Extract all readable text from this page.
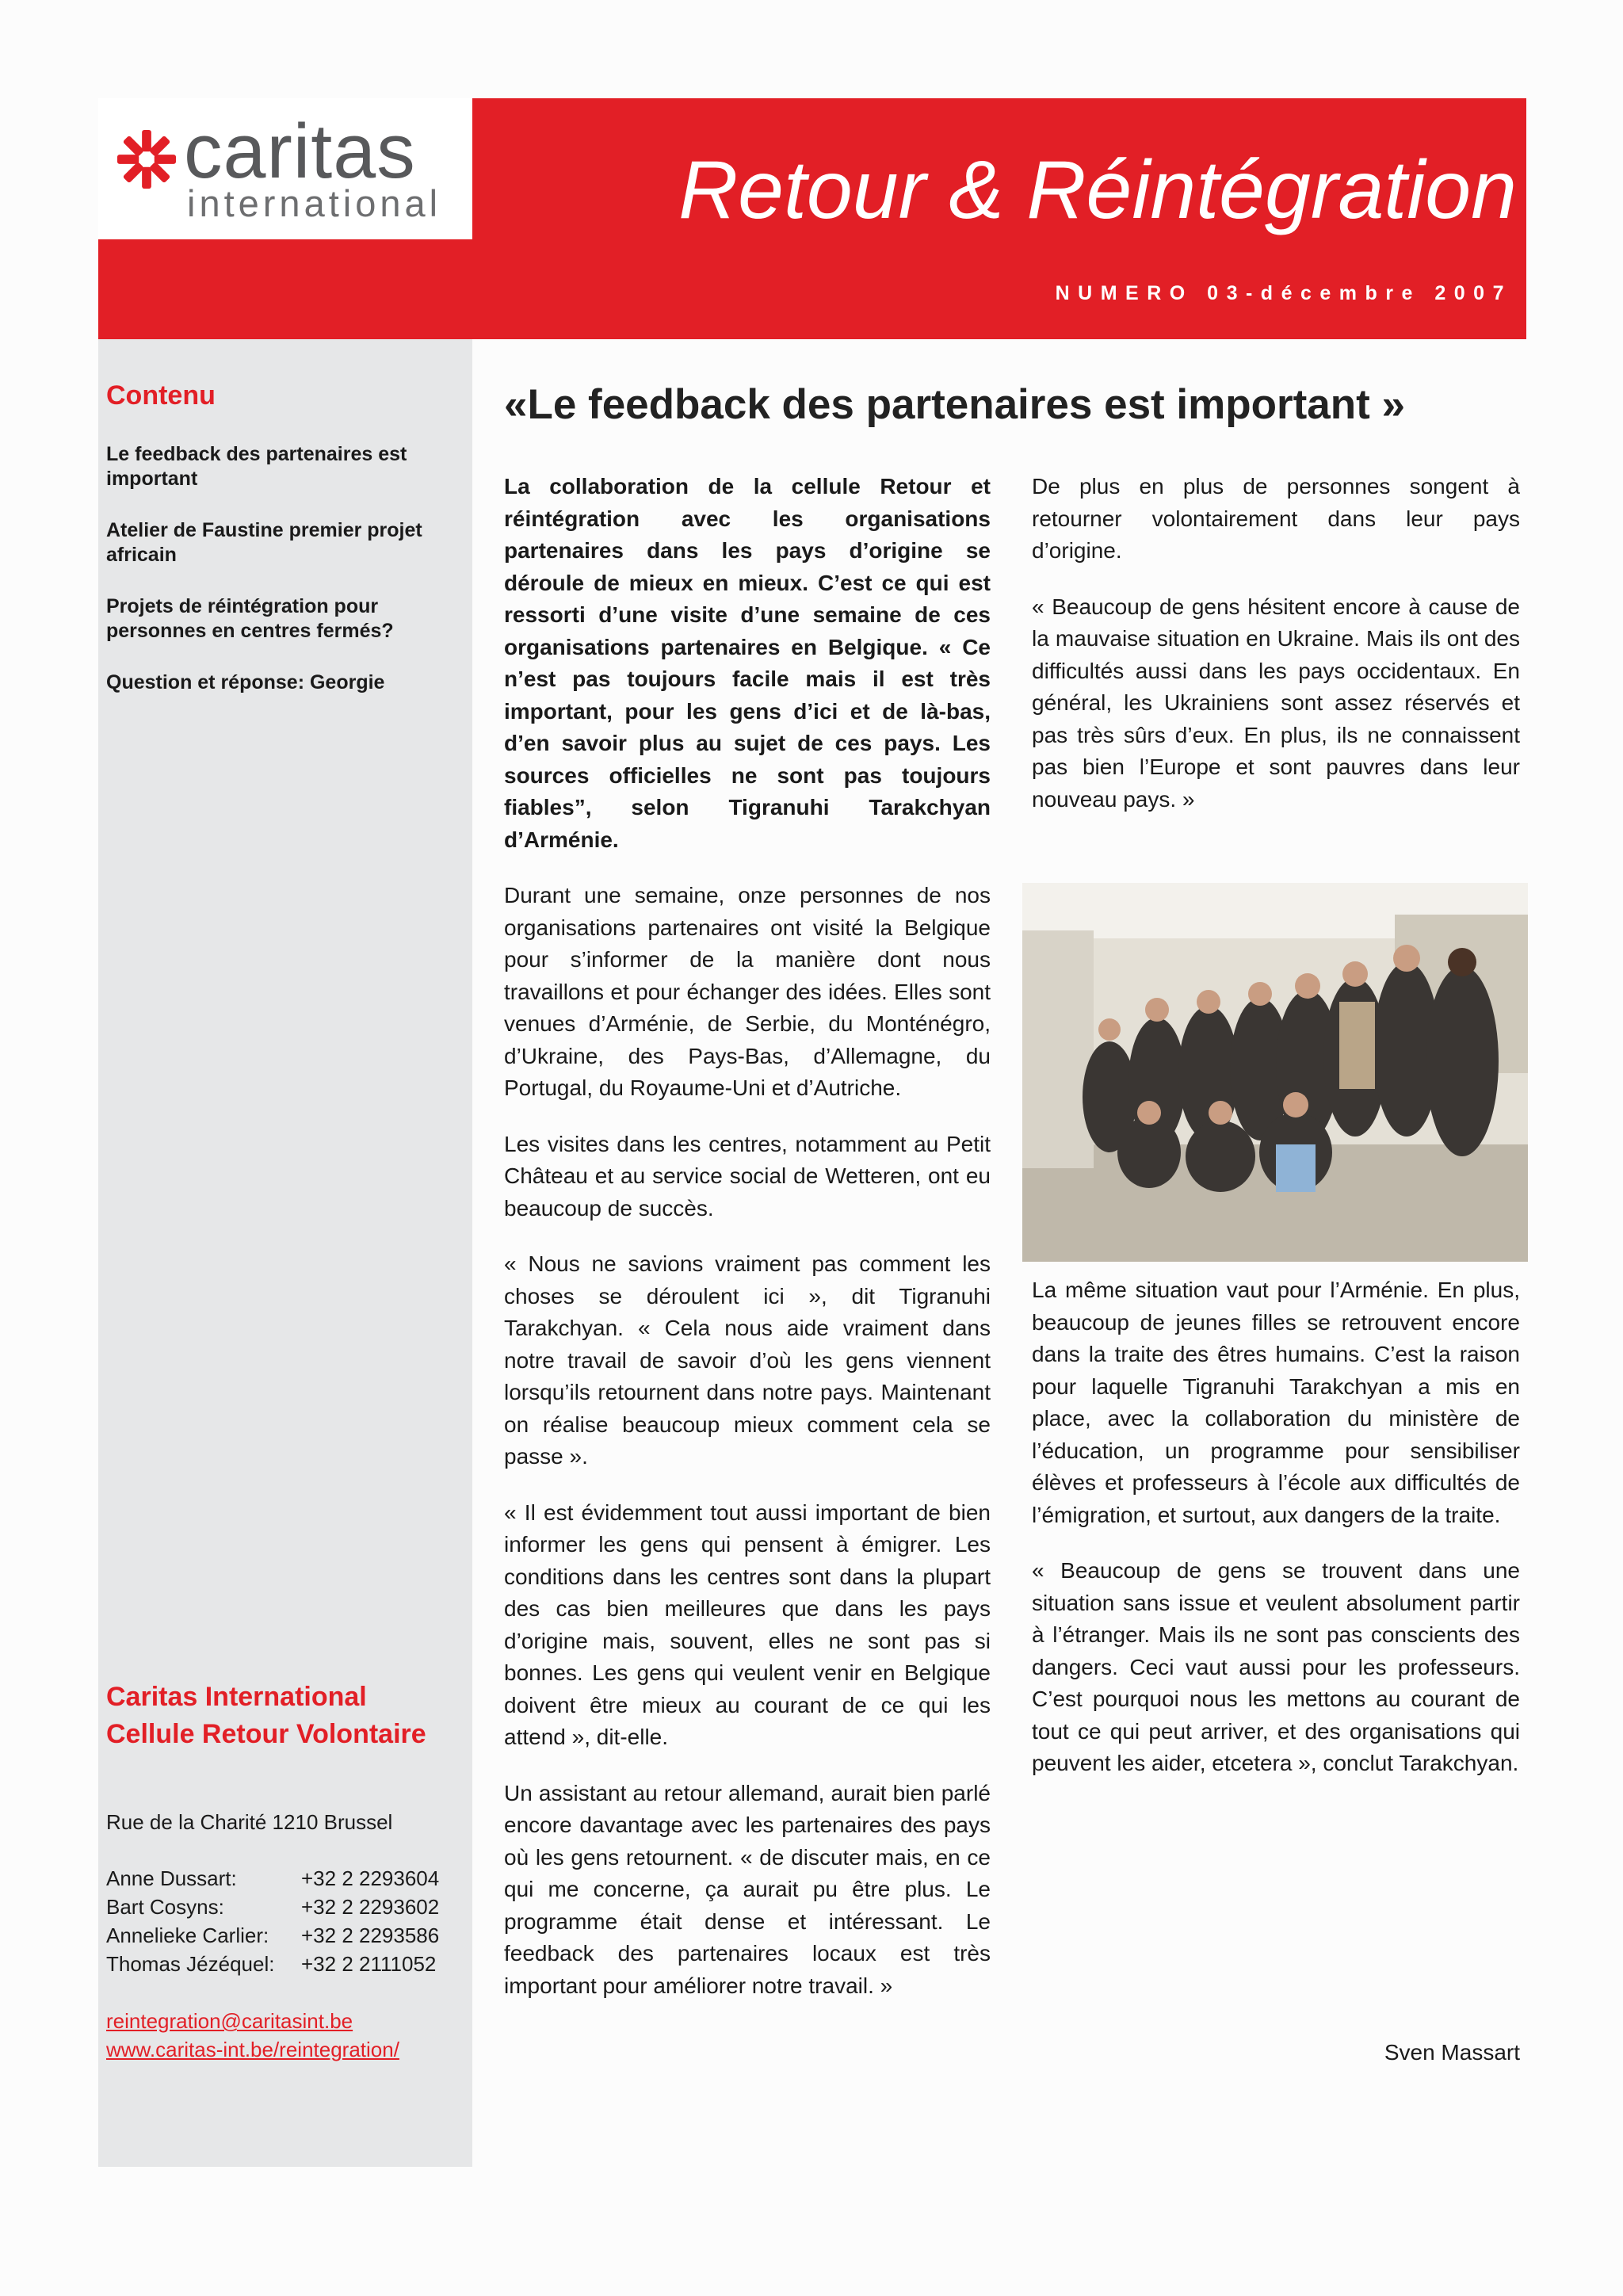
caritas
international	Retour & Réintégration
NUMERO 03-décembre 2007
Contenu
Le feedback des partenaires est important
Atelier de Faustine premier projet africain
Projets de réintégration pour personnes en centres fermés?
Question et réponse: Georgie
Caritas International
Cellule Retour Volontaire
Rue de la Charité 1210 Brussel
Anne Dussart:	+32 2 2293604
Bart Cosyns:	+32 2 2293602
Annelieke Carlier:	+32 2 2293586
Thomas Jézéquel:	+32 2 2111052
reintegration@caritasint.be
www.caritas-int.be/reintegration/
«Le feedback des partenaires est important »

La collaboration de la cellule Retour et réintégration avec les organisations partenaires dans les pays d’origine se déroule de mieux en mieux. C’est ce qui est ressorti d’une visite d’une semaine de ces organisations partenaires en Belgique. « Ce n’est pas toujours facile mais il est très important, pour les gens d’ici et de là-bas, d’en savoir plus au sujet de ces pays. Les sources officielles ne sont pas toujours fiables”, selon Tigranuhi Tarakchyan d’Arménie.

Durant une semaine, onze personnes de nos organisations partenaires ont visité la Belgique pour s’informer de la manière dont nous travaillons et pour échanger des idées. Elles sont venues d’Arménie, de Serbie, du Monténégro, d’Ukraine, des Pays-Bas, d’Allemagne, du Portugal, du Royaume-Uni et d’Autriche.

Les visites dans les centres, notamment au Petit Château et au service social de Wetteren, ont eu beaucoup de succès.

« Nous ne savions vraiment pas comment les choses se déroulent ici », dit Tigranuhi Tarakchyan. « Cela nous aide vraiment dans notre travail de savoir d’où les gens viennent lorsqu’ils retournent dans notre pays. Maintenant on réalise beaucoup mieux comment cela se passe ».

« Il est évidemment tout aussi important de bien informer les gens qui pensent à émigrer. Les conditions dans les centres sont dans la plupart des cas bien meilleures que dans les pays d’origine mais, souvent, elles ne sont pas si bonnes. Les gens qui veulent venir en Belgique doivent être mieux au courant de ce qui les attend », dit-elle.

Un assistant au retour allemand, aurait bien parlé encore davantage avec les partenaires des pays où les gens retournent. « de discuter mais, en ce qui me concerne, ça aurait pu être plus. Le programme était dense et intéressant. Le feedback des partenaires locaux est très important pour améliorer notre travail. »

De plus en plus de personnes songent à retourner volontairement dans leur pays d’origine.

« Beaucoup de gens hésitent encore à cause de la mauvaise situation en Ukraine. Mais ils ont des difficultés aussi dans les pays occidentaux. En général, les Ukrainiens sont assez réservés et pas très sûrs d’eux. En plus, ils ne connaissent pas bien l’Europe et sont pauvres dans leur nouveau pays. »

La même situation vaut pour l’Arménie. En plus, beaucoup de jeunes filles se retrouvent encore dans la traite des êtres humains. C’est la raison pour laquelle Tigranuhi Tarakchyan a mis en place, avec la collaboration du ministère de l’éducation, un programme pour sensibiliser élèves et professeurs à l’école aux difficultés de l’émigration, et surtout, aux dangers de la traite.

« Beaucoup de gens se trouvent dans une situation sans issue et veulent absolument partir à l’étranger. Mais ils ne sont pas conscients des dangers. Ceci vaut aussi pour les professeurs. C’est pourquoi nous les mettons au courant de tout ce qui peut arriver, et des organisations qui peuvent les aider, etcetera », conclut Tarakchyan.

Sven Massart
